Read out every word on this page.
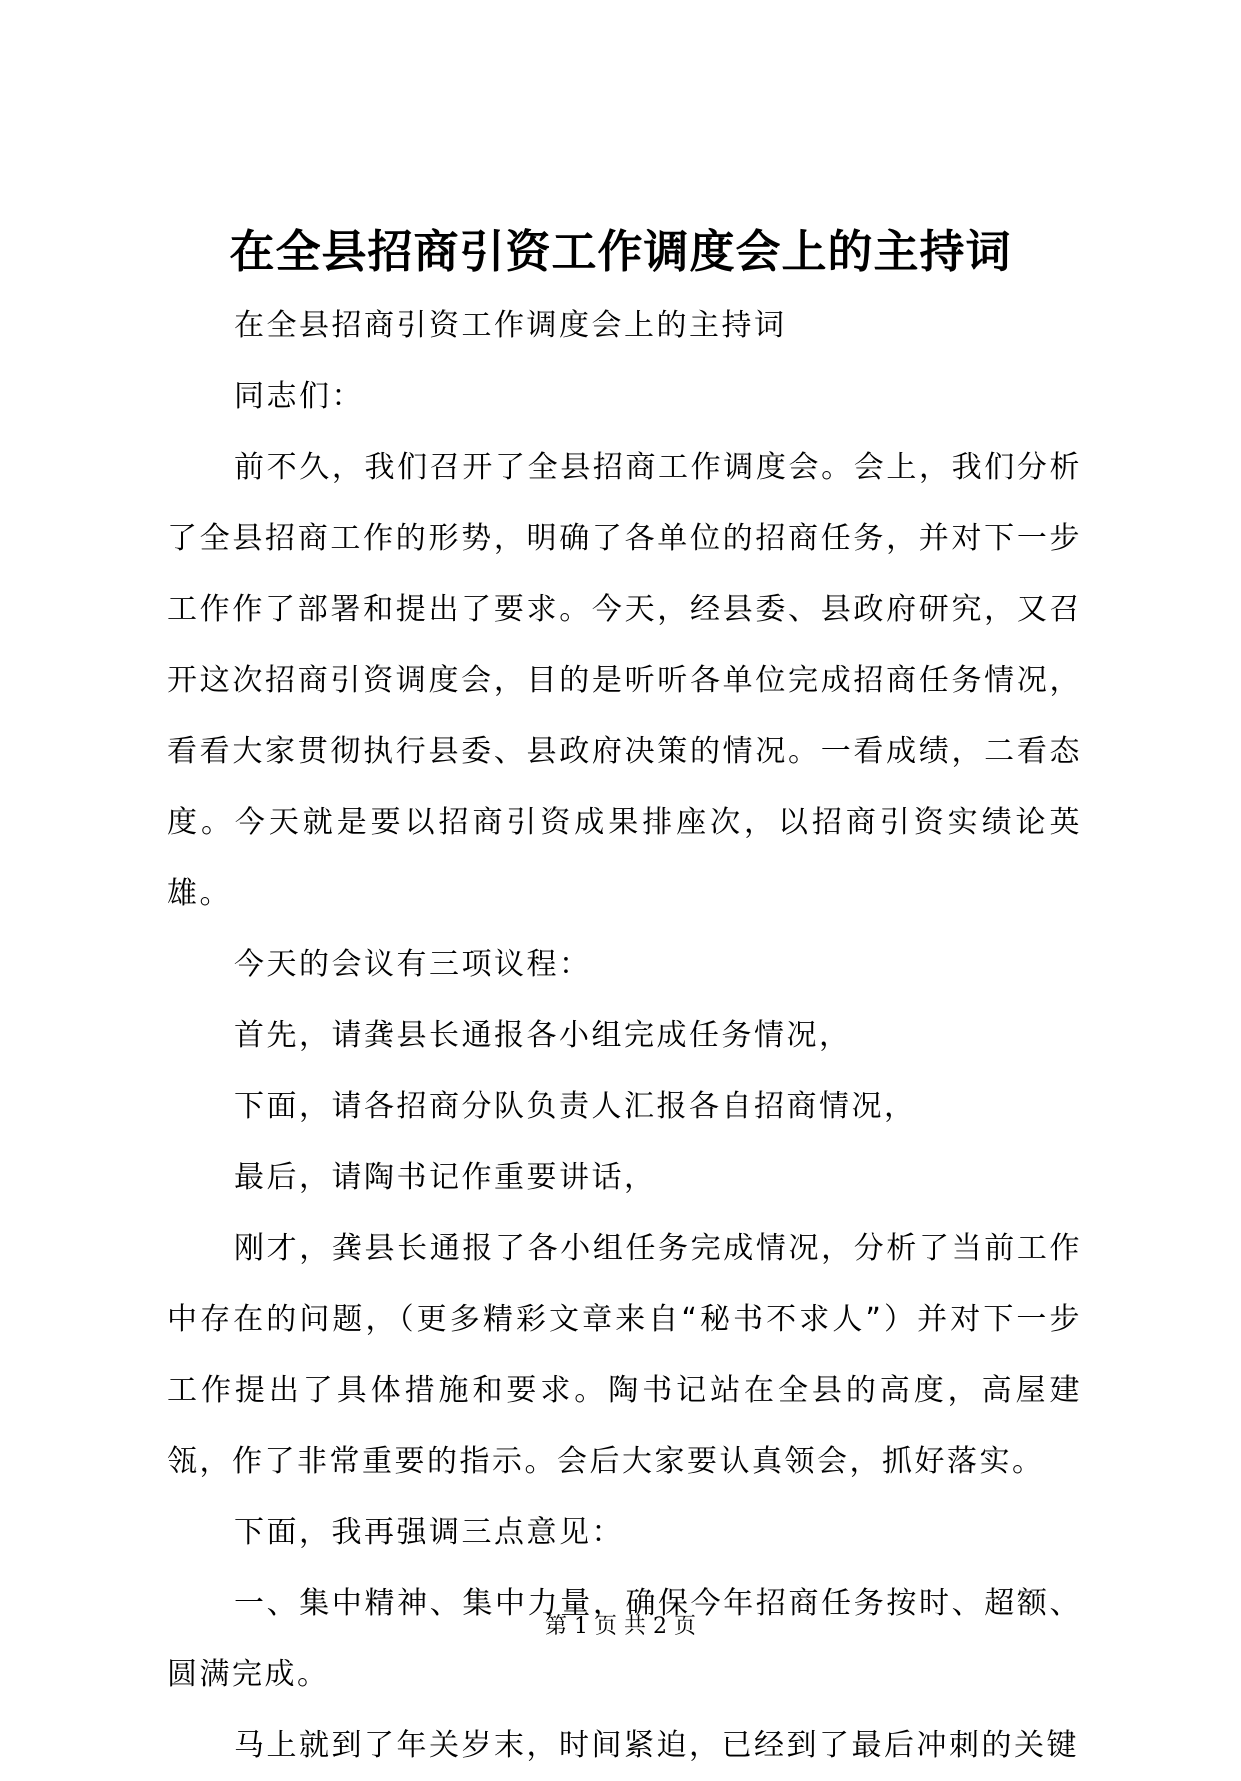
在全县招商引资工作调度会上的主持词

在全县招商引资工作调度会上的主持词

同志们：

前不久，我们召开了全县招商工作调度会。会上，我们分析了全县招商工作的形势，明确了各单位的招商任务，并对下一步工作作了部署和提出了要求。今天，经县委、县政府研究，又召开这次招商引资调度会，目的是听听各单位完成招商任务情况，看看大家贯彻执行县委、县政府决策的情况。一看成绩，二看态度。今天就是要以招商引资成果排座次，以招商引资实绩论英雄。

今天的会议有三项议程：

首先，请龚县长通报各小组完成任务情况，

下面，请各招商分队负责人汇报各自招商情况，

最后，请陶书记作重要讲话，

刚才，龚县长通报了各小组任务完成情况，分析了当前工作中存在的问题，（更多精彩文章来自“秘书不求人”）并对下一步工作提出了具体措施和要求。陶书记站在全县的高度，高屋建瓴，作了非常重要的指示。会后大家要认真领会，抓好落实。

下面，我再强调三点意见：

一、集中精神、集中力量，确保今年招商任务按时、超额、圆满完成。

马上就到了年关岁末，时间紧迫，已经到了最后冲刺的关键

第 1 页 共 2 页
